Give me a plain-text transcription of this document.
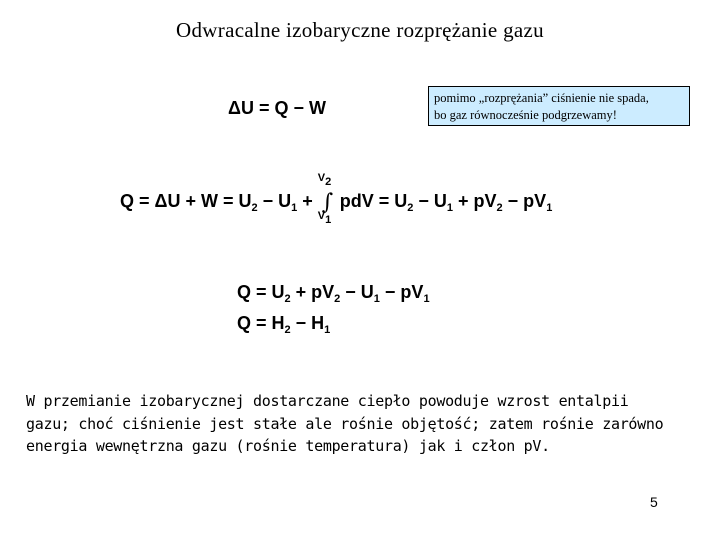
Odwracalne izobaryczne rozprężanie gazu
pomimo „rozprężania” ciśnienie nie spada,
bo gaz równocześnie podgrzewamy!
ΔU = Q − W
$Q = \Delta U + W = U_2 - U_1$ +
$V_2$
∫
$V_1$
pdV = $U_2 - U_1 + pV_2 - pV_1$
$Q = U_2 + pV_2 - U_1 - pV_1$
$Q = H_2 - H_1$
W przemianie izobarycznej dostarczane ciepło powoduje wzrost entalpii
gazu; choć ciśnienie jest stałe ale rośnie objętość; zatem rośnie zarówno
energia wewnętrzna gazu (rośnie temperatura) jak i człon pV.
5
